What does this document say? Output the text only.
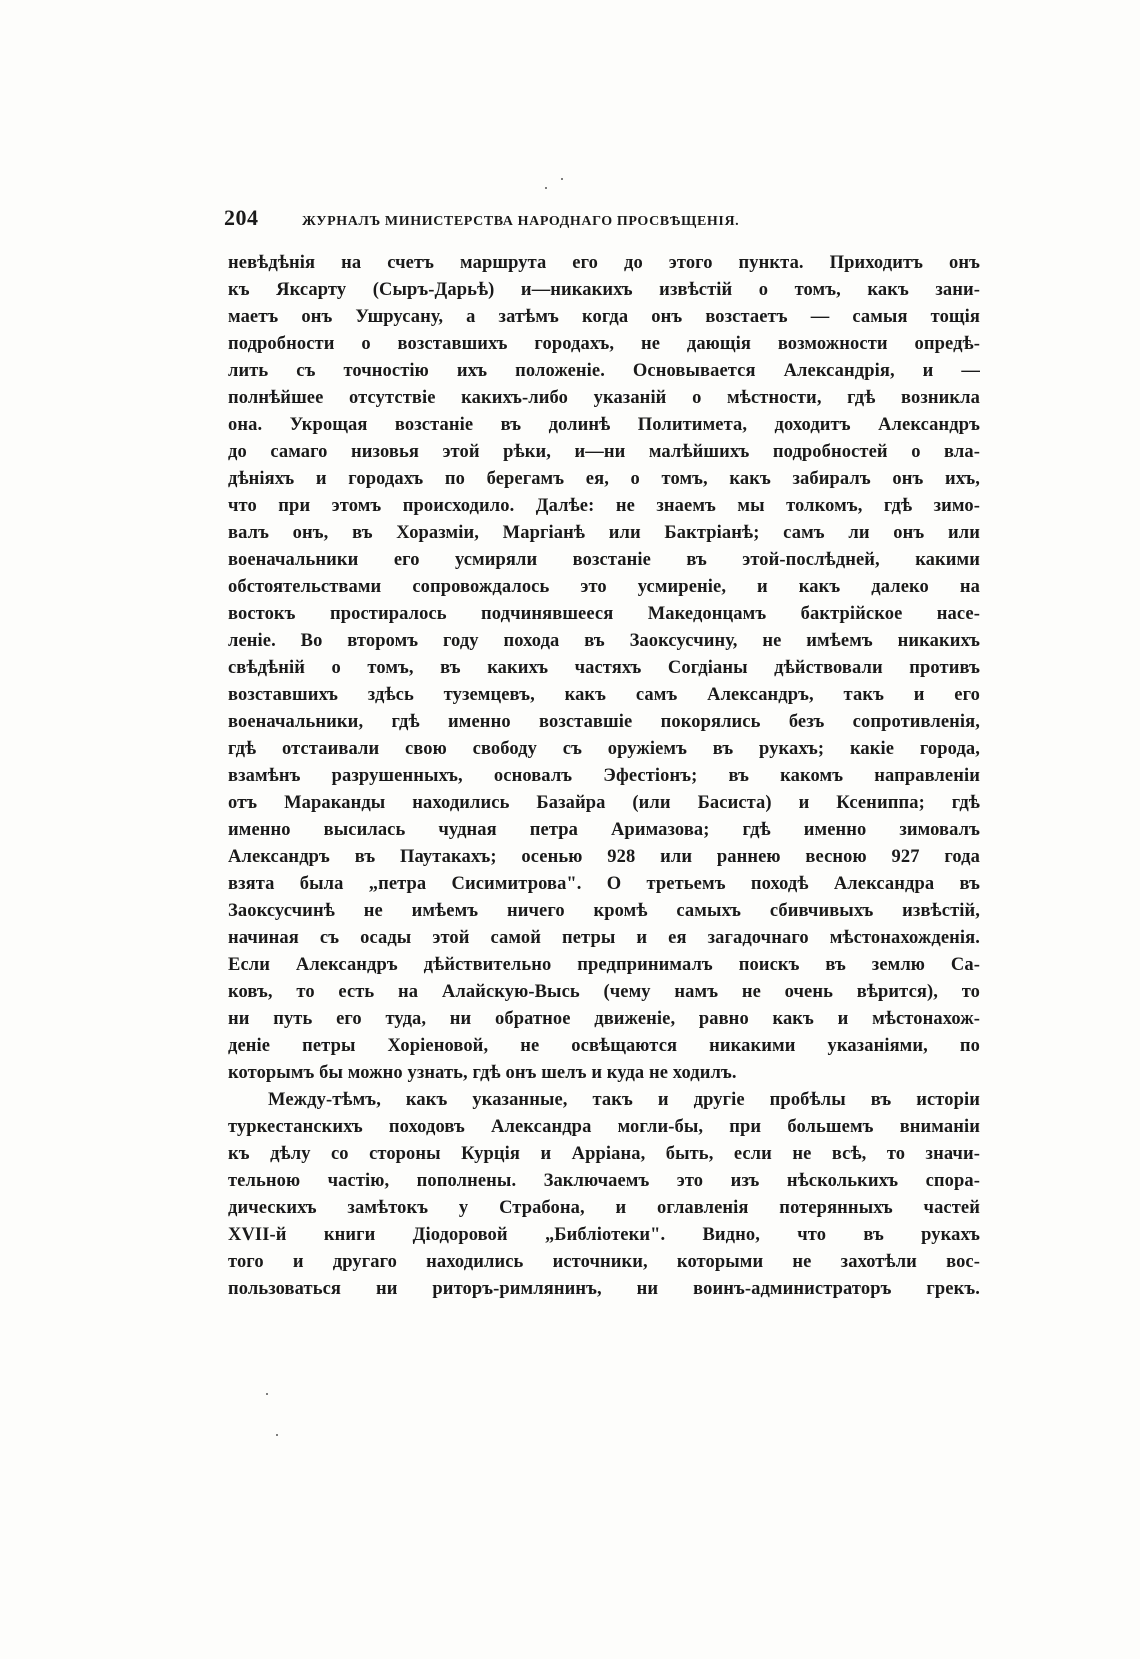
204	ЖУРНАЛЪ МИНИСТЕРСТВА НАРОДНАГО ПРОСВѢЩЕНІЯ.
невѣдѣнія на счетъ маршрута его до этого пункта. Приходитъ онъ
къ Яксарту (Сыръ-Дарьѣ) и—никакихъ извѣстій о томъ, какъ зани-
маетъ онъ Ушрусану, а затѣмъ когда онъ возстаетъ — самыя тощія
подробности о возставшихъ городахъ, не дающія возможности опредѣ-
лить съ точностію ихъ положеніе. Основывается Александрія, и —
полнѣйшее отсутствіе какихъ-либо указаній о мѣстности, гдѣ возникла
она. Укрощая возстаніе въ долинѣ Политимета, доходитъ Александръ
до самаго низовья этой рѣки, и—ни малѣйшихъ подробностей о вла-
дѣніяхъ и городахъ по берегамъ ея, о томъ, какъ забиралъ онъ ихъ,
что при этомъ происходило. Далѣе: не знаемъ мы толкомъ, гдѣ зимо-
валъ онъ, въ Хоразміи, Маргіанѣ или Бактріанѣ; самъ ли онъ или
военачальники его усмиряли возстаніе въ этой-послѣдней, какими
обстоятельствами сопровождалось это усмиреніе, и какъ далеко на
востокъ простиралось подчинявшееся Македонцамъ бактрійское насе-
леніе. Во второмъ году похода въ Заоксусчину, не имѣемъ никакихъ
свѣдѣній о томъ, въ какихъ частяхъ Согдіаны дѣйствовали противъ
возставшихъ здѣсь туземцевъ, какъ самъ Александръ, такъ и его
военачальники, гдѣ именно возставшіе покорялись безъ сопротивленія,
гдѣ отстаивали свою свободу съ оружіемъ въ рукахъ; какіе города,
взамѣнъ разрушенныхъ, основалъ Эфестіонъ; въ какомъ направленіи
отъ Мараканды находились Базайра (или Басиста) и Ксениппа; гдѣ
именно высилась чудная петра Аримазова; гдѣ именно зимовалъ
Александръ въ Паутакахъ; осенью 928 или раннею весною 927 года
взята была „петра Сисимитрова". О третьемъ походѣ Александра въ
Заоксусчинѣ не имѣемъ ничего кромѣ самыхъ сбивчивыхъ извѣстій,
начиная съ осады этой самой петры и ея загадочнаго мѣстонахожденія.
Если Александръ дѣйствительно предпринималъ поискъ въ землю Са-
ковъ, то есть на Алайскую-Высь (чему намъ не очень вѣрится), то
ни путь его туда, ни обратное движеніе, равно какъ и мѣстонахож-
деніе петры Хоріеновой, не освѣщаются никакими указаніями, по
которымъ бы можно узнать, гдѣ онъ шелъ и куда не ходилъ.
Между-тѣмъ, какъ указанные, такъ и другіе пробѣлы въ исторіи
туркестанскихъ походовъ Александра могли-бы, при большемъ вниманіи
къ дѣлу со стороны Курція и Арріана, быть, если не всѣ, то значи-
тельною частію, пополнены. Заключаемъ это изъ нѣсколькихъ спора-
дическихъ замѣтокъ у Страбона, и оглавленія потерянныхъ частей
XVII-й книги Діодоровой „Библіотеки". Видно, что въ рукахъ
того и другаго находились источники, которыми не захотѣли вос-
пользоваться ни риторъ-римлянинъ, ни воинъ-администраторъ грекъ.
